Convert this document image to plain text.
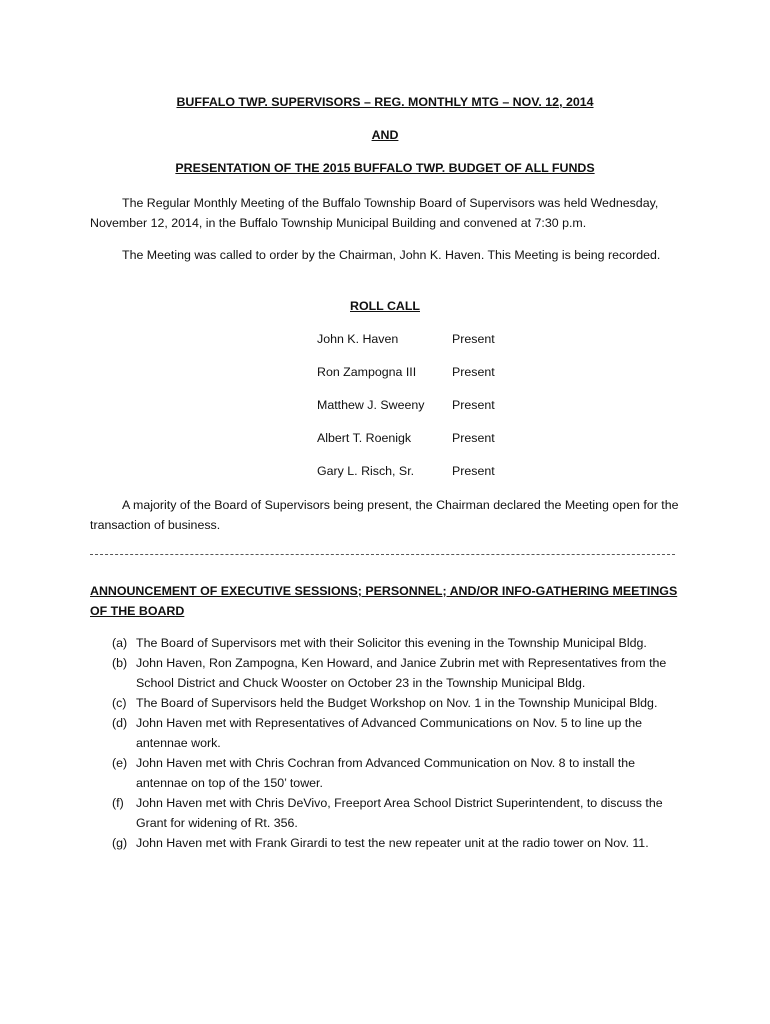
BUFFALO TWP. SUPERVISORS – REG. MONTHLY MTG – NOV. 12, 2014
AND
PRESENTATION OF THE 2015 BUFFALO TWP. BUDGET OF ALL FUNDS
The Regular Monthly Meeting of the Buffalo Township Board of Supervisors was held Wednesday, November 12, 2014, in the Buffalo Township Municipal Building and convened at 7:30 p.m.
The Meeting was called to order by the Chairman, John K. Haven. This Meeting is being recorded.
ROLL CALL
John K. Haven	Present
Ron Zampogna III	Present
Matthew J. Sweeny Present
Albert T. Roenigk	Present
Gary L. Risch, Sr.	Present
A majority of the Board of Supervisors being present, the Chairman declared the Meeting open for the transaction of business.
ANNOUNCEMENT OF EXECUTIVE SESSIONS; PERSONNEL; AND/OR INFO-GATHERING MEETINGS OF THE BOARD
(a) The Board of Supervisors met with their Solicitor this evening in the Township Municipal Bldg.
(b) John Haven, Ron Zampogna, Ken Howard, and Janice Zubrin met with Representatives from the School District and Chuck Wooster on October 23 in the Township Municipal Bldg.
(c) The Board of Supervisors held the Budget Workshop on Nov. 1 in the Township Municipal Bldg.
(d) John Haven met with Representatives of Advanced Communications on Nov. 5 to line up the antennae work.
(e) John Haven met with Chris Cochran from Advanced Communication on Nov. 8 to install the antennae on top of the 150’ tower.
(f) John Haven met with Chris DeVivo, Freeport Area School District Superintendent, to discuss the Grant for widening of Rt. 356.
(g) John Haven met with Frank Girardi to test the new repeater unit at the radio tower on Nov. 11.
